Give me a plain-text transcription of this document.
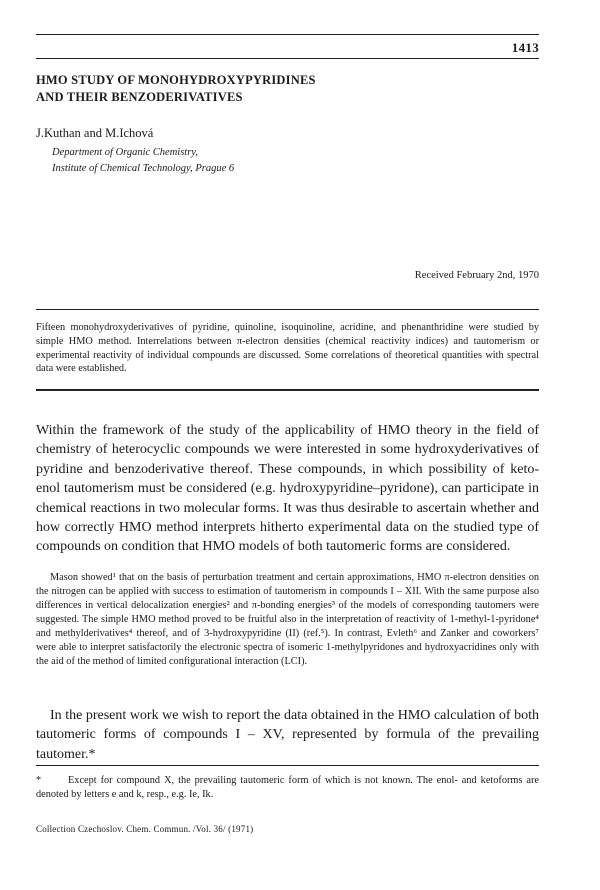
1413
HMO STUDY OF MONOHYDROXYPYRIDINES
AND THEIR BENZODERIVATIVES
J.Kuthan and M.Ichová
Department of Organic Chemistry,
Institute of Chemical Technology, Prague 6
Received February 2nd, 1970

Fifteen monohydroxyderivatives of pyridine, quinoline, isoquinoline, acridine, and phenanthridine were studied by simple HMO method. Interrelations between π-electron densities (chemical reactivity indices) and tautomerism or experimental reactivity of individual compounds are discussed. Some correlations of theoretical quantities with spectral data were established.

Within the framework of the study of the applicability of HMO theory in the field of chemistry of heterocyclic compounds we were interested in some hydroxyderivatives of pyridine and benzoderivative thereof. These compounds, in which possibility of keto-enol tautomerism must be considered (e.g. hydroxypyridine–pyridone), can participate in chemical reactions in two molecular forms. It was thus desirable to ascertain whether and how correctly HMO method interprets hitherto experimental data on the studied type of compounds on condition that HMO models of both tautomeric forms are considered.

Mason showed¹ that on the basis of perturbation treatment and certain approximations, HMO π-electron densities on the nitrogen can be applied with success to estimation of tautomerism in compounds I – XII. With the same purpose also differences in vertical delocalization energies² and π-bonding energies³ of the models of corresponding tautomers were suggested. The simple HMO method proved to be fruitful also in the interpretation of reactivity of 1-methyl-1-pyridone⁴ and methylderivatives⁴ thereof, and of 3-hydroxypyridine (II) (ref.⁵). In contrast, Evleth⁶ and Zanker and coworkers⁷ were able to interpret satisfactorily the electronic spectra of isomeric 1-methylpyridones and hydroxyacridines only with the aid of the method of limited configurational interaction (LCI).

In the present work we wish to report the data obtained in the HMO calculation of both tautomeric forms of compounds I – XV, represented by formula of the prevailing tautomer.*

*	Except for compound X, the prevailing tautomeric form of which is not known. The enol- and ketoforms are denoted by letters e and k, resp., e.g. Ie, Ik.

Collection Czechoslov. Chem. Commun. /Vol. 36/ (1971)
